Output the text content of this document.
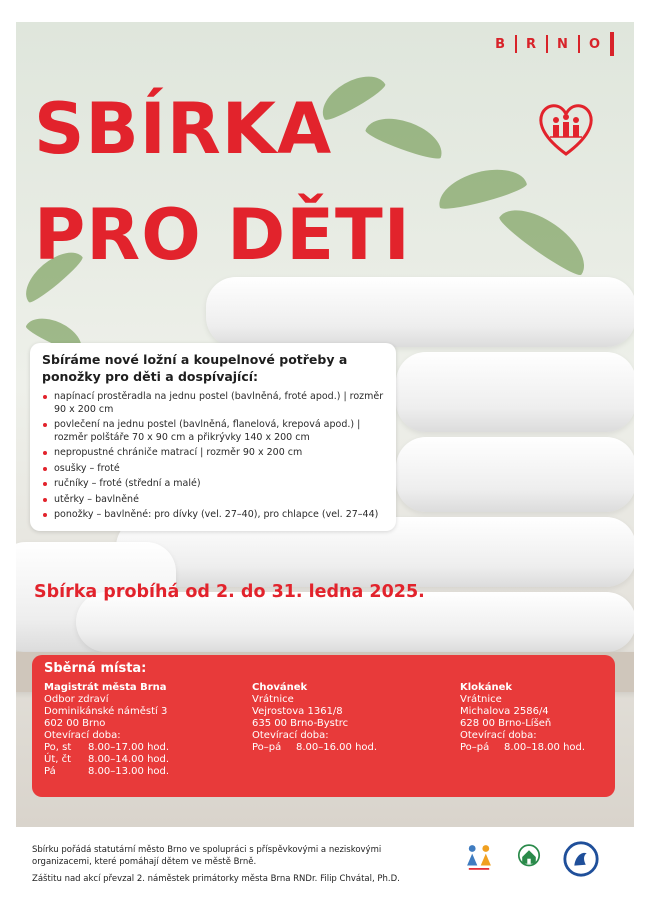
B	R	N	O
SBÍRKA
PRO DĚTI
Sbíráme nové ložní a koupelnové potřeby a ponožky pro děti a dospívající:
napínací prostěradla na jednu postel (bavlněná, froté apod.) | rozměr 90 x 200 cm
povlečení na jednu postel (bavlněná, flanelová, krepová apod.) | rozměr polštáře 70 x 90 cm a přikrývky 140 x 200 cm
nepropustné chrániče matrací | rozměr 90 x 200 cm
osušky – froté
ručníky – froté (střední a malé)
utěrky – bavlněné
ponožky – bavlněné: pro dívky (vel. 27–40), pro chlapce (vel. 27–44)
Sbírka probíhá od 2. do 31. ledna 2025.
Sběrná místa:
Magistrát města Brna
Odbor zdraví
Dominikánské náměstí 3
602 00 Brno
Otevírací doba:
Po, st	8.00–17.00 hod.
Út, čt	8.00–14.00 hod.
Pá	8.00–13.00 hod.
Chovánek
Vrátnice
Vejrostova 1361/8
635 00 Brno-Bystrc
Otevírací doba:
Po–pá	8.00–16.00 hod.
Klokánek
Vrátnice
Michalova 2586/4
628 00 Brno-Líšeň
Otevírací doba:
Po–pá	8.00–18.00 hod.
Sbírku pořádá statutární město Brno ve spolupráci s příspěvkovými a neziskovými
organizacemi, které pomáhají dětem ve městě Brně.
Záštitu nad akcí převzal 2. náměstek primátorky města Brna RNDr. Filip Chvátal, Ph.D.
